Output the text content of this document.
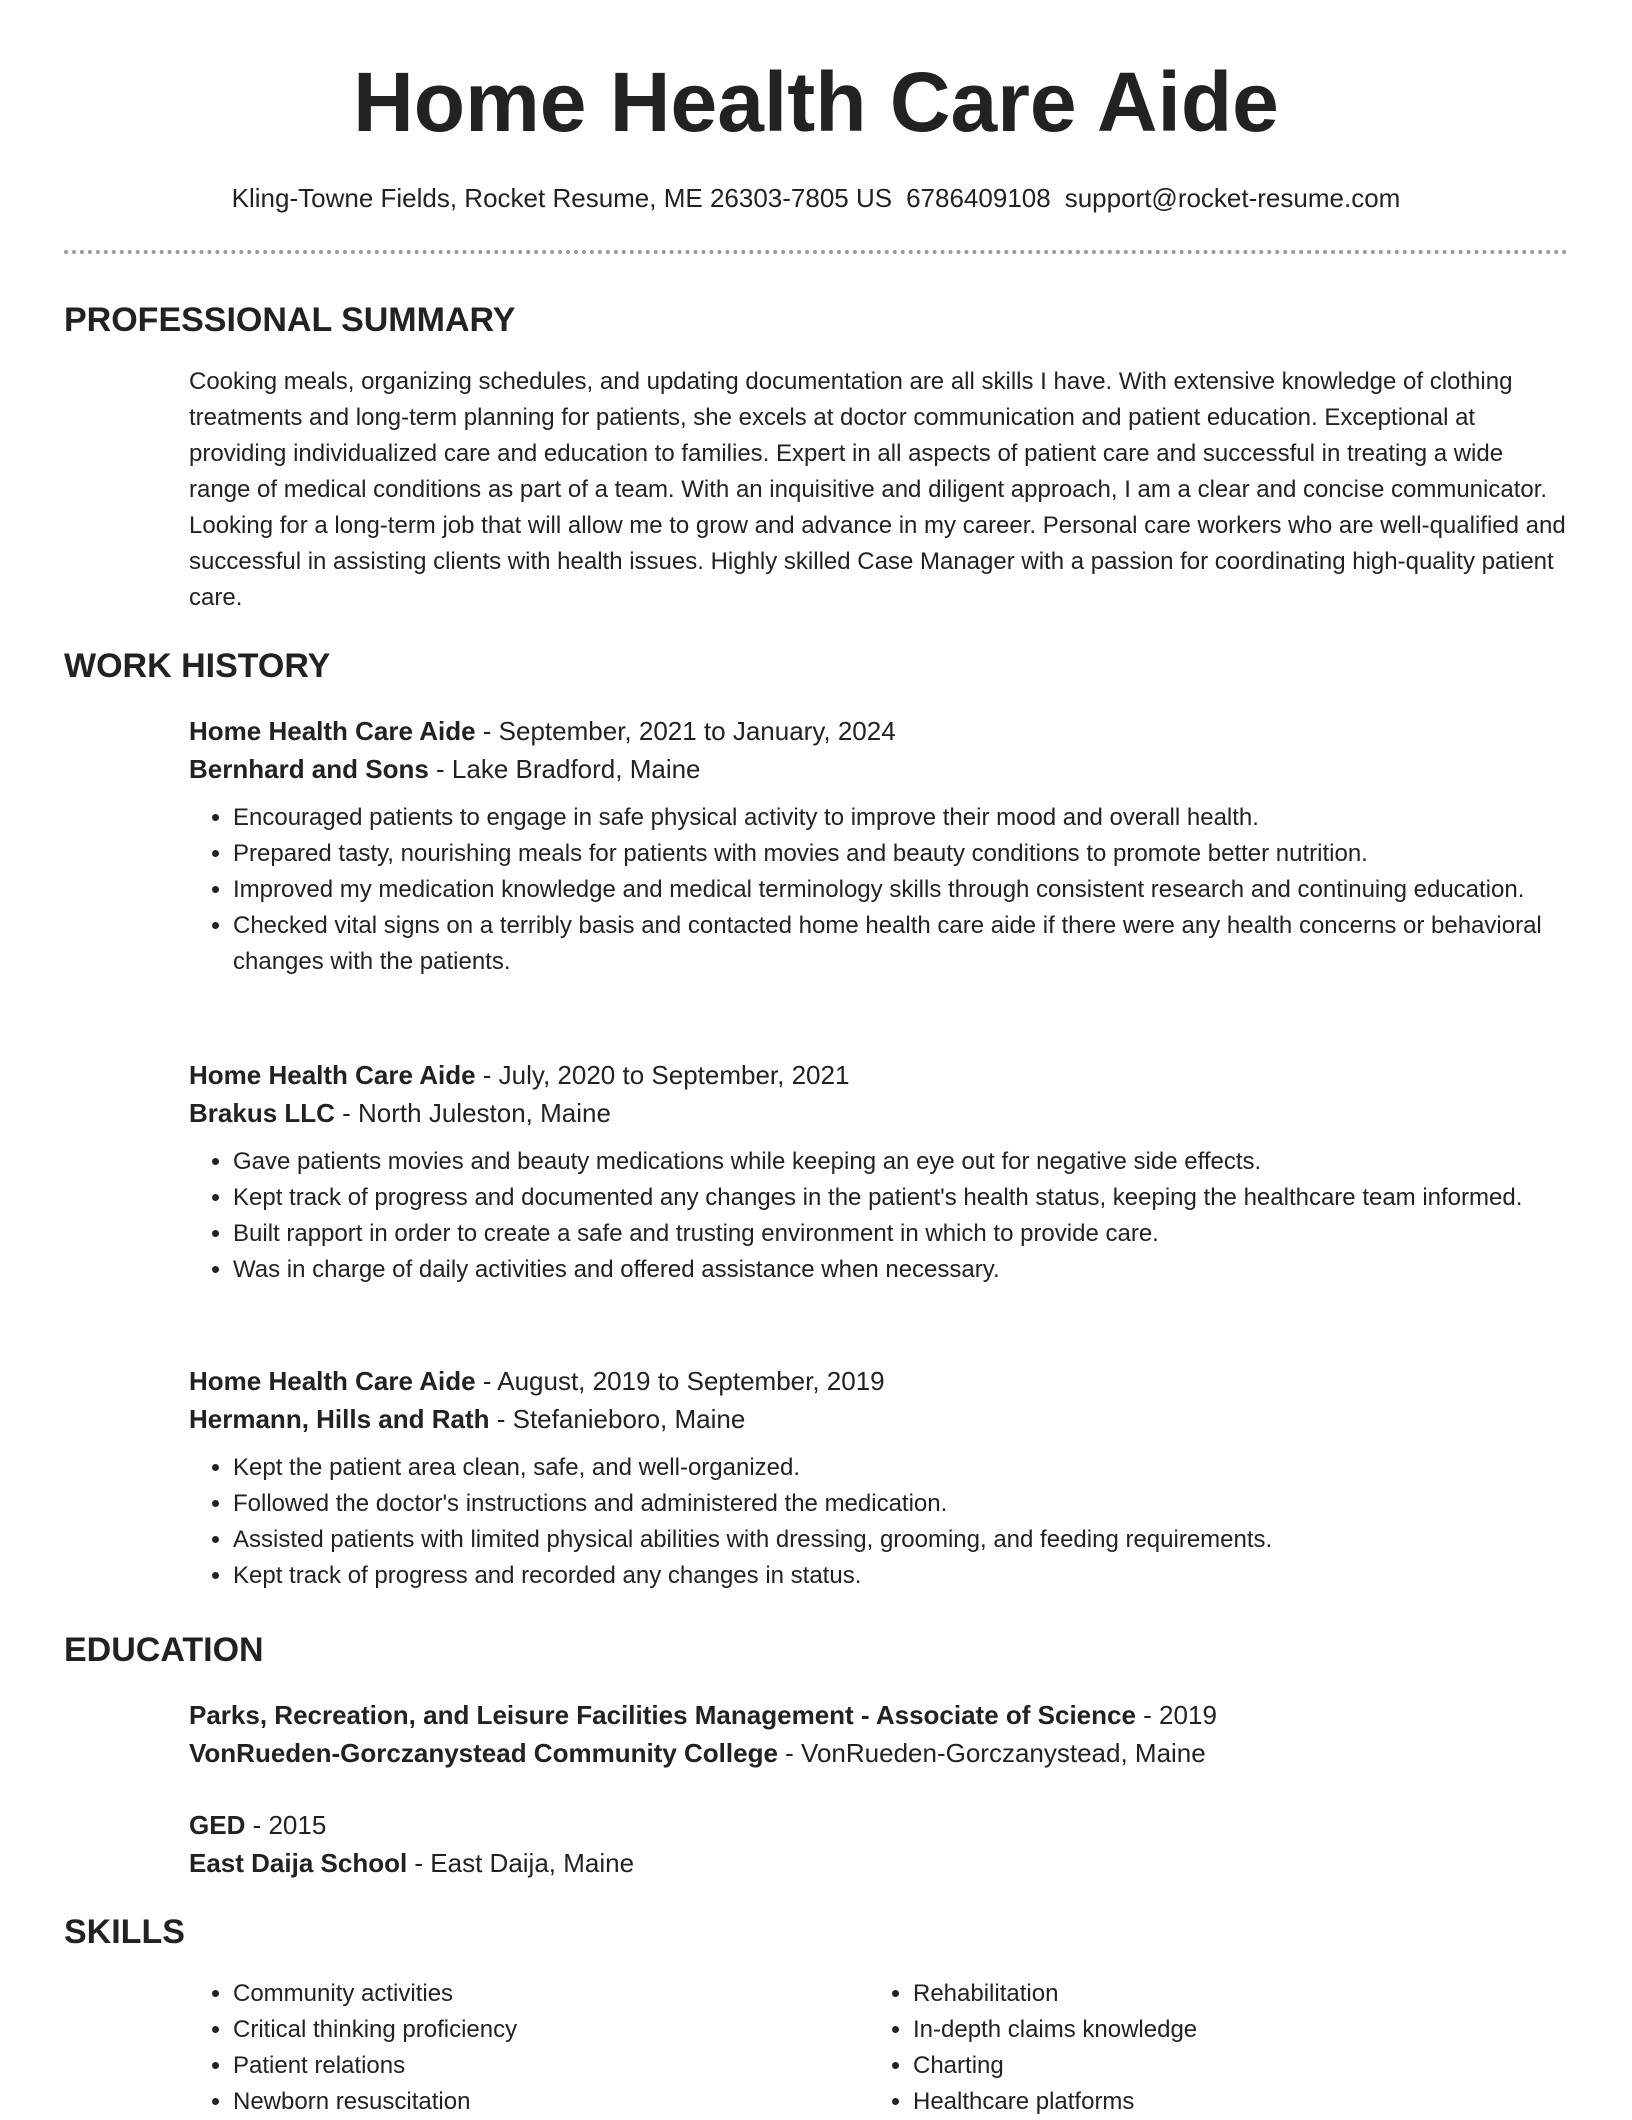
Home Health Care Aide
Kling-Towne Fields, Rocket Resume, ME 26303-7805 US 6786409108 support@rocket-resume.com
PROFESSIONAL SUMMARY

Cooking meals, organizing schedules, and updating documentation are all skills I have. With extensive knowledge of clothing treatments and long-term planning for patients, she excels at doctor communication and patient education. Exceptional at providing individualized care and education to families. Expert in all aspects of patient care and successful in treating a wide range of medical conditions as part of a team. With an inquisitive and diligent approach, I am a clear and concise communicator. Looking for a long-term job that will allow me to grow and advance in my career. Personal care workers who are well-qualified and successful in assisting clients with health issues. Highly skilled Case Manager with a passion for coordinating high-quality patient care.

WORK HISTORY
Home Health Care Aide - September, 2021 to January, 2024
Bernhard and Sons - Lake Bradford, Maine
• Encouraged patients to engage in safe physical activity to improve their mood and overall health.
• Prepared tasty, nourishing meals for patients with movies and beauty conditions to promote better nutrition.
• Improved my medication knowledge and medical terminology skills through consistent research and continuing education.
• Checked vital signs on a terribly basis and contacted home health care aide if there were any health concerns or behavioral changes with the patients.
Home Health Care Aide - July, 2020 to September, 2021
Brakus LLC - North Juleston, Maine
• Gave patients movies and beauty medications while keeping an eye out for negative side effects.
• Kept track of progress and documented any changes in the patient's health status, keeping the healthcare team informed.
• Built rapport in order to create a safe and trusting environment in which to provide care.
• Was in charge of daily activities and offered assistance when necessary.
Home Health Care Aide - August, 2019 to September, 2019
Hermann, Hills and Rath - Stefanieboro, Maine
• Kept the patient area clean, safe, and well-organized.
• Followed the doctor's instructions and administered the medication.
• Assisted patients with limited physical abilities with dressing, grooming, and feeding requirements.
• Kept track of progress and recorded any changes in status.
EDUCATION
Parks, Recreation, and Leisure Facilities Management - Associate of Science - 2019
VonRueden-Gorczanystead Community College - VonRueden-Gorczanystead, Maine
GED - 2015
East Daija School - East Daija, Maine
SKILLS
• Community activities
• Critical thinking proficiency
• Patient relations
• Newborn resuscitation
• Rehabilitation
• In-depth claims knowledge
• Charting
• Healthcare platforms
